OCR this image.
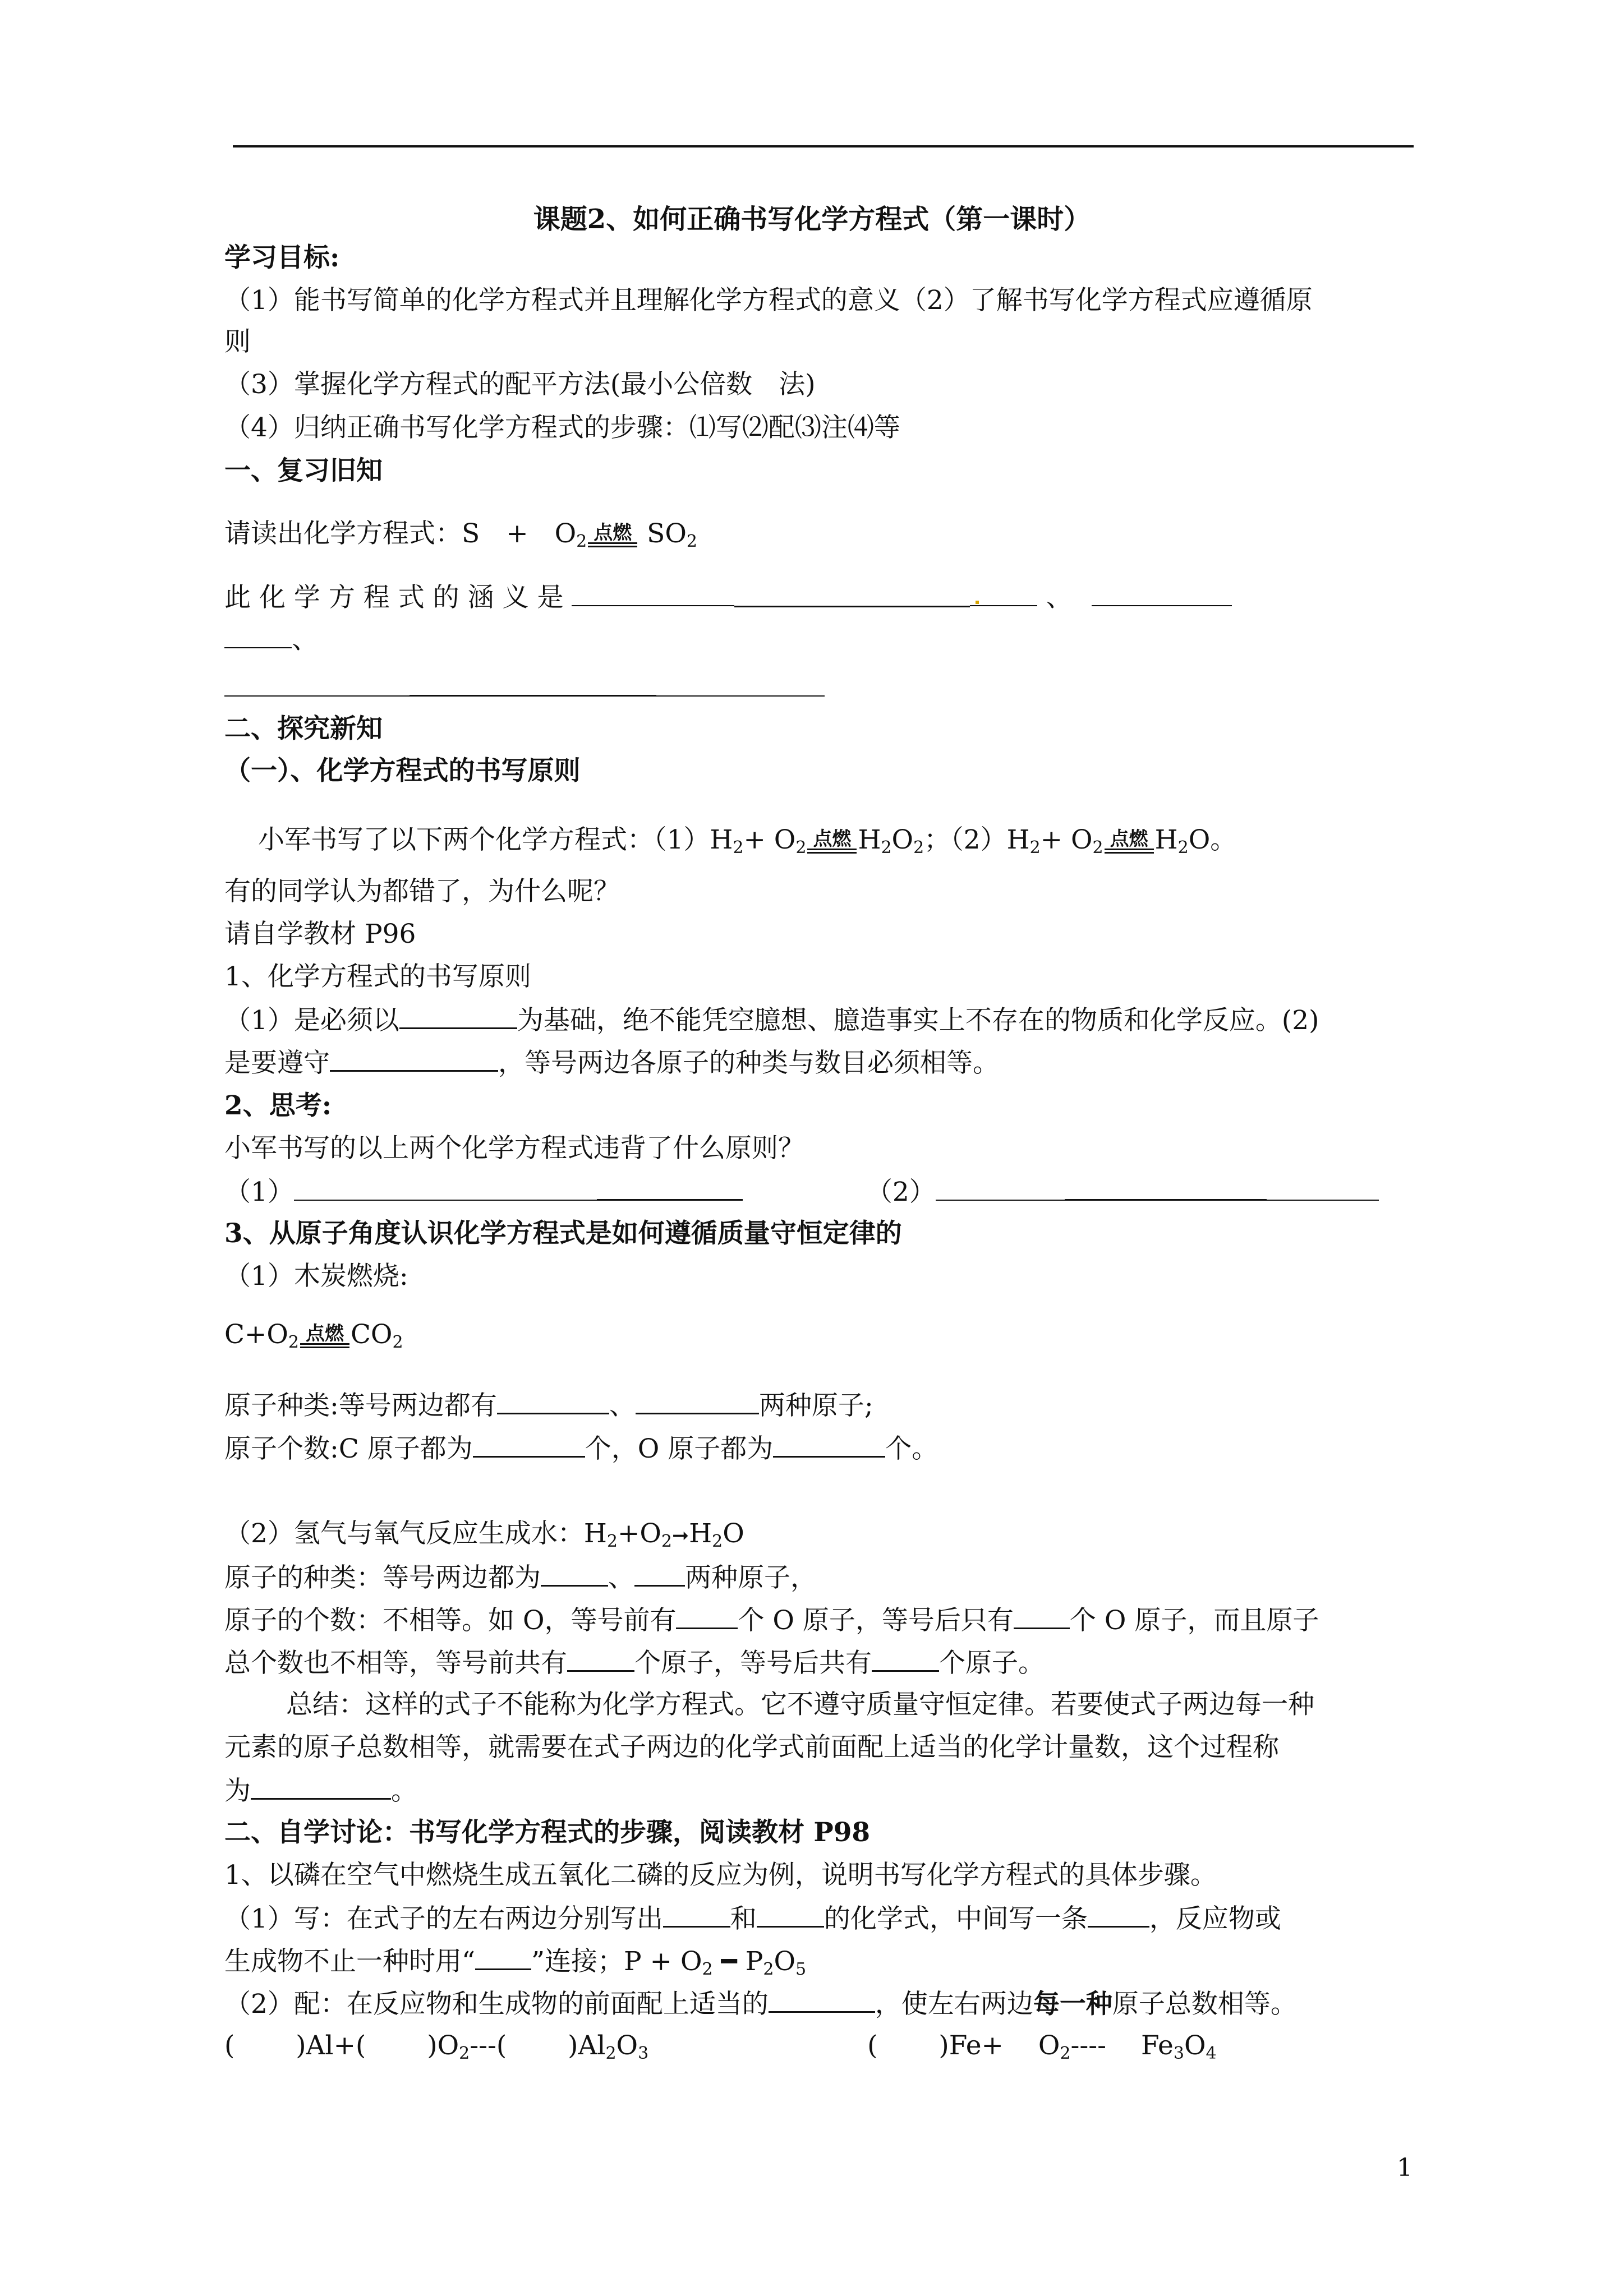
课题2、如何正确书写化学方程式（第一课时）
学习目标:
（1）能书写简单的化学方程式并且理解化学方程式的意义（2）了解书写化学方程式应遵循原
则
（3）掌握化学方程式的配平方法(最小公倍数　法)
（4）归纳正确书写化学方程式的步骤：⑴写⑵配⑶注⑷等
一、复习旧知
请读出化学方程式：S　+　$O_2$ 点燃 $SO_2$
此 化 学 方 程 式 的 涵 义 是	、
、
二、探究新知
（一）、化学方程式的书写原则
小军书写了以下两个化学方程式：$(1)H_2+ O_2$ 点燃 $H_2O_2$；$(2)H_2+ O_2$ 点燃 $H_2O$。
有的同学认为都错了，为什么呢？
请自学教材 P96
1、化学方程式的书写原则
（1）是必须以	为基础，绝不能凭空臆想、臆造事实上不存在的物质和化学反应。(2)
是要遵守	，等号两边各原子的种类与数目必须相等。
2、思考:
小军书写的以上两个化学方程式违背了什么原则？
（1）	（2）
3、从原子角度认识化学方程式是如何遵循质量守恒定律的
（1）木炭燃烧:
$C+O_2$ 点燃 $CO_2$
原子种类:等号两边都有	、	两种原子;
原子个数:C 原子都为	个，O 原子都为	个。
（2）氢气与氧气反应生成水：$H_2+O_2➞H_2O$
原子的种类：等号两边都为	、 两种原子，
原子的个数：不相等。如 O，等号前有 个 O 原子，等号后只有 个 O 原子，而且原子
总个数也不相等，等号前共有	个原子，等号后共有	个原子。
总结：这样的式子不能称为化学方程式。它不遵守质量守恒定律。若要使式子两边每一种
元素的原子总数相等，就需要在式子两边的化学式前面配上适当的化学计量数，这个过程称
为	。
二、自学讨论：书写化学方程式的步骤，阅读教材 P98
1、以磷在空气中燃烧生成五氧化二磷的反应为例，说明书写化学方程式的具体步骤。
（1）写：在式子的左右两边分别写出	和	的化学式，中间写一条 ，反应物或
生成物不止一种时用“ ”连接；$P + O_2$ ━ $P_2O_5$
（2）配：在反应物和生成物的前面配上适当的	，使左右两边每一种原子总数相等。
(　　 )Al+(　　 )$O_2---$(　　 )$Al_2O_3$	(　　 )Fe+　 $O_2----$　 $Fe_3O_4$
1
